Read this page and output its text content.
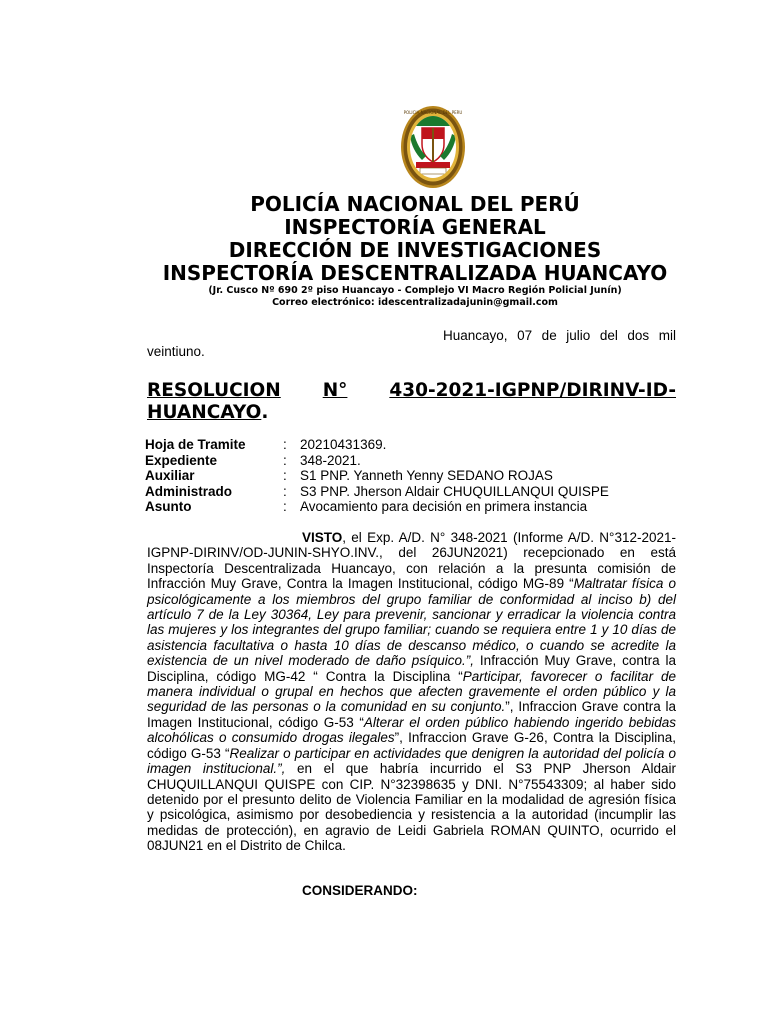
POLICIA NACIONAL DEL PERU
POLICÍA NACIONAL DEL PERÚ
INSPECTORÍA GENERAL
DIRECCIÓN DE INVESTIGACIONES
INSPECTORÍA DESCENTRALIZADA HUANCAYO
(Jr. Cusco Nº 690 2º piso Huancayo - Complejo VI Macro Región Policial Junín)
Correo electrónico: idescentralizadajunin@gmail.com
Huancayo, 07 de julio del dos mil
veintiuno.
RESOLUCION N° 430-2021-IGPNP/DIRINV-ID-
HUANCAYO.
Hoja de Tramite	:	20210431369.
Expediente	:	348-2021.
Auxiliar	:	S1 PNP. Yanneth Yenny SEDANO ROJAS
Administrado	:	S3 PNP. Jherson Aldair CHUQUILLANQUI QUISPE
Asunto	:	Avocamiento para decisión en primera instancia
VISTO, el Exp. A/D. N° 348-2021 (Informe A/D. N°312-2021-IGPNP-DIRINV/OD-JUNIN-SHYO.INV., del 26JUN2021) recepcionado en está Inspectoría Descentralizada Huancayo, con relación a la presunta comisión de Infracción Muy Grave, Contra la Imagen Institucional, código MG-89 “Maltratar física o psicológicamente a los miembros del grupo familiar de conformidad al inciso b) del artículo 7 de la Ley 30364, Ley para prevenir, sancionar y erradicar la violencia contra las mujeres y los integrantes del grupo familiar; cuando se requiera entre 1 y 10 días de asistencia facultativa o hasta 10 días de descanso médico, o cuando se acredite la existencia de un nivel moderado de daño psíquico.”, Infracción Muy Grave, contra la Disciplina, código MG-42 “ Contra la Disciplina “Participar, favorecer o facilitar de manera individual o grupal en hechos que afecten gravemente el orden público y la seguridad de las personas o la comunidad en su conjunto.”, Infraccion Grave contra la Imagen Institucional, código G-53 “Alterar el orden público habiendo ingerido bebidas alcohólicas o consumido drogas ilegales”, Infraccion Grave G-26, Contra la Disciplina, código G-53 “Realizar o participar en actividades que denigren la autoridad del policía o imagen institucional.”, en el que habría incurrido el S3 PNP Jherson Aldair CHUQUILLANQUI QUISPE con CIP. N°32398635 y DNI. N°75543309; al haber sido detenido por el presunto delito de Violencia Familiar en la modalidad de agresión física y psicológica, asimismo por desobediencia y resistencia a la autoridad (incumplir las medidas de protección), en agravio de Leidi Gabriela ROMAN QUINTO, ocurrido el 08JUN21 en el Distrito de Chilca.
CONSIDERANDO:
